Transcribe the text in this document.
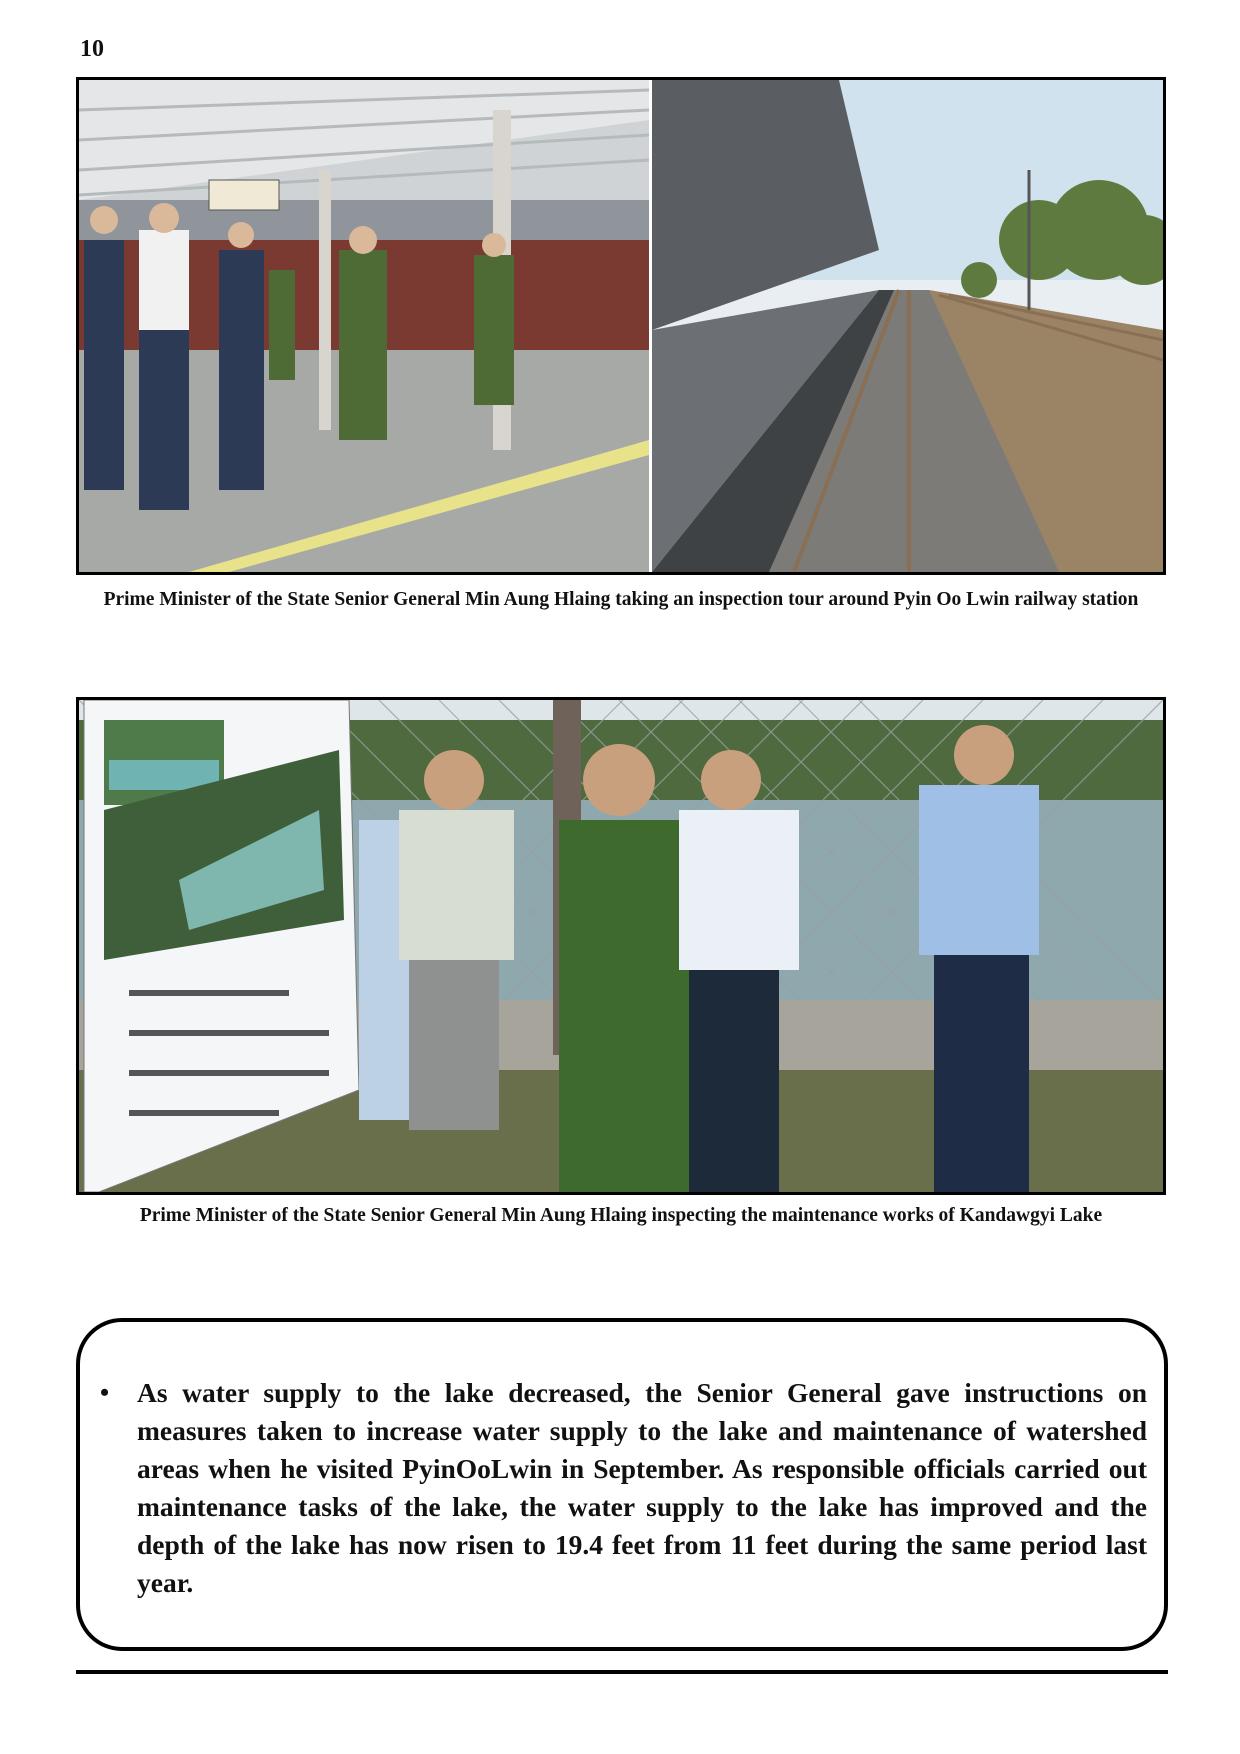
10
Prime Minister of the State Senior General Min Aung Hlaing taking an inspection tour around Pyin Oo Lwin railway station
Prime Minister of the State Senior General Min Aung Hlaing inspecting the maintenance works of Kandawgyi Lake
• As water supply to the lake decreased, the Senior General gave instructions on measures taken to increase water supply to the lake and maintenance of watershed areas when he visited PyinOoLwin in September. As responsible officials carried out maintenance tasks of the lake, the water supply to the lake has improved and the depth of the lake has now risen to 19.4 feet from 11 feet during the same period last year.
